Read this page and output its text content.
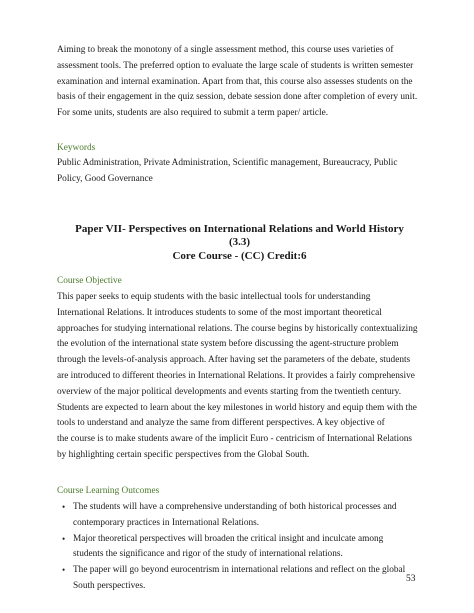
Aiming to break the monotony of a single assessment method, this course uses varieties of
assessment tools. The preferred option to evaluate the large scale of students is written semester
examination and internal examination. Apart from that, this course also assesses students on the
basis of their engagement in the quiz session, debate session done after completion of every unit.
For some units, students are also required to submit a term paper/ article.

Keywords

Public Administration, Private Administration, Scientific management, Bureaucracy, Public
Policy, Good Governance

Paper VII- Perspectives on International Relations and World History
(3.3)
Core Course - (CC) Credit:6
Course Objective

This paper seeks to equip students with the basic intellectual tools for understanding
International Relations. It introduces students to some of the most important theoretical
approaches for studying international relations. The course begins by historically contextualizing
the evolution of the international state system before discussing the agent-structure problem
through the levels-of-analysis approach. After having set the parameters of the debate, students
are introduced to different theories in International Relations. It provides a fairly comprehensive
overview of the major political developments and events starting from the twentieth century.
Students are expected to learn about the key milestones in world history and equip them with the
tools to understand and analyze the same from different perspectives. A key objective of
the course is to make students aware of the implicit Euro - centricism of International Relations
by highlighting certain specific perspectives from the Global South.

Course Learning Outcomes
• The students will have a comprehensive understanding of both historical processes and
contemporary practices in International Relations.
• Major theoretical perspectives will broaden the critical insight and inculcate among
students the significance and rigor of the study of international relations.
• The paper will go beyond eurocentrism in international relations and reflect on the global
South perspectives.
53
